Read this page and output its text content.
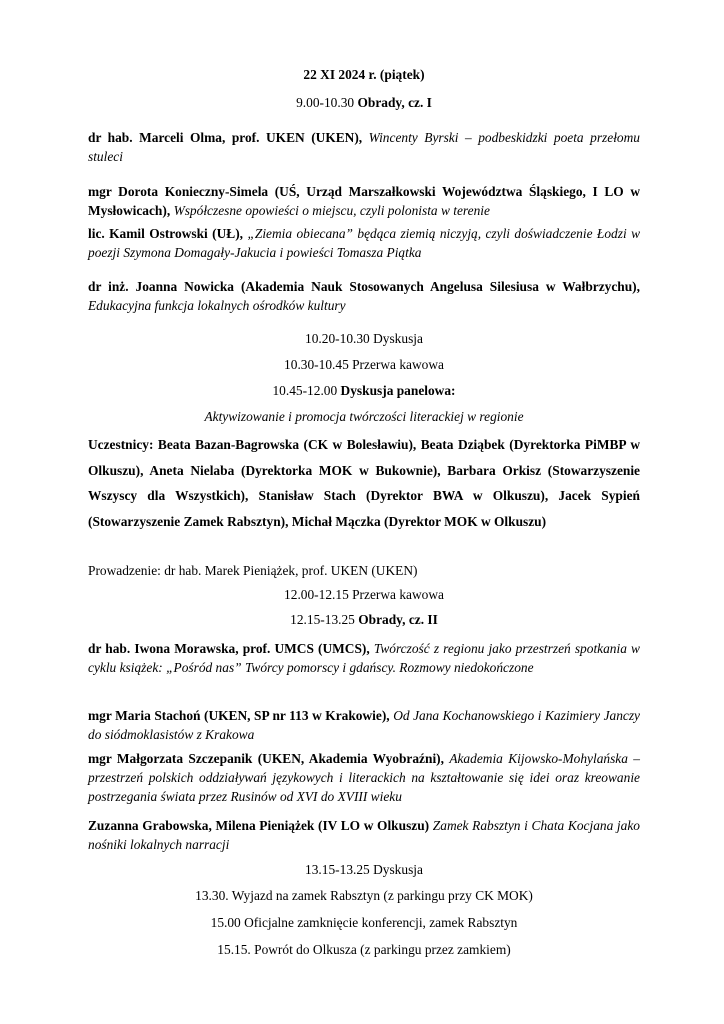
22 XI 2024 r. (piątek)
9.00-10.30 Obrady, cz. I
dr hab. Marceli Olma, prof. UKEN (UKEN), Wincenty Byrski – podbeskidzki poeta przełomu stuleci
mgr Dorota Konieczny-Simela (UŚ, Urząd Marszałkowski Województwa Śląskiego, I LO w Mysłowicach), Współczesne opowieści o miejscu, czyli polonista w terenie
lic. Kamil Ostrowski (UŁ), „Ziemia obiecana” będąca ziemią niczyją, czyli doświadczenie Łodzi w poezji Szymona Domagały-Jakucia i powieści Tomasza Piątka
dr inż. Joanna Nowicka (Akademia Nauk Stosowanych Angelusa Silesiusa w Wałbrzychu), Edukacyjna funkcja lokalnych ośrodków kultury
10.20-10.30 Dyskusja
10.30-10.45 Przerwa kawowa
10.45-12.00 Dyskusja panelowa:
Aktywizowanie i promocja twórczości literackiej w regionie
Uczestnicy: Beata Bazan-Bagrowska (CK w Bolesławiu), Beata Dziąbek (Dyrektorka PiMBP w Olkuszu), Aneta Nielaba (Dyrektorka MOK w Bukownie), Barbara Orkisz (Stowarzyszenie Wszyscy dla Wszystkich), Stanisław Stach (Dyrektor BWA w Olkuszu), Jacek Sypień (Stowarzyszenie Zamek Rabsztyn), Michał Mączka (Dyrektor MOK w Olkuszu)
Prowadzenie: dr hab. Marek Pieniążek, prof. UKEN (UKEN)
12.00-12.15 Przerwa kawowa
12.15-13.25 Obrady, cz. II
dr hab. Iwona Morawska, prof. UMCS (UMCS), Twórczość z regionu jako przestrzeń spotkania w cyklu książek: „Pośród nas” Twórcy pomorscy i gdańscy. Rozmowy niedokończone
mgr Maria Stachoń (UKEN, SP nr 113 w Krakowie), Od Jana Kochanowskiego i Kazimiery Janczy do siódmoklasistów z Krakowa
mgr Małgorzata Szczepanik (UKEN, Akademia Wyobraźni), Akademia Kijowsko-Mohylańska – przestrzeń polskich oddziaływań językowych i literackich na kształtowanie się idei oraz kreowanie postrzegania świata przez Rusinów od XVI do XVIII wieku
Zuzanna Grabowska, Milena Pieniążek (IV LO w Olkuszu) Zamek Rabsztyn i Chata Kocjana jako nośniki lokalnych narracji
13.15-13.25 Dyskusja
13.30. Wyjazd na zamek Rabsztyn (z parkingu przy CK MOK)
15.00 Oficjalne zamknięcie konferencji, zamek Rabsztyn
15.15. Powrót do Olkusza (z parkingu przez zamkiem)
